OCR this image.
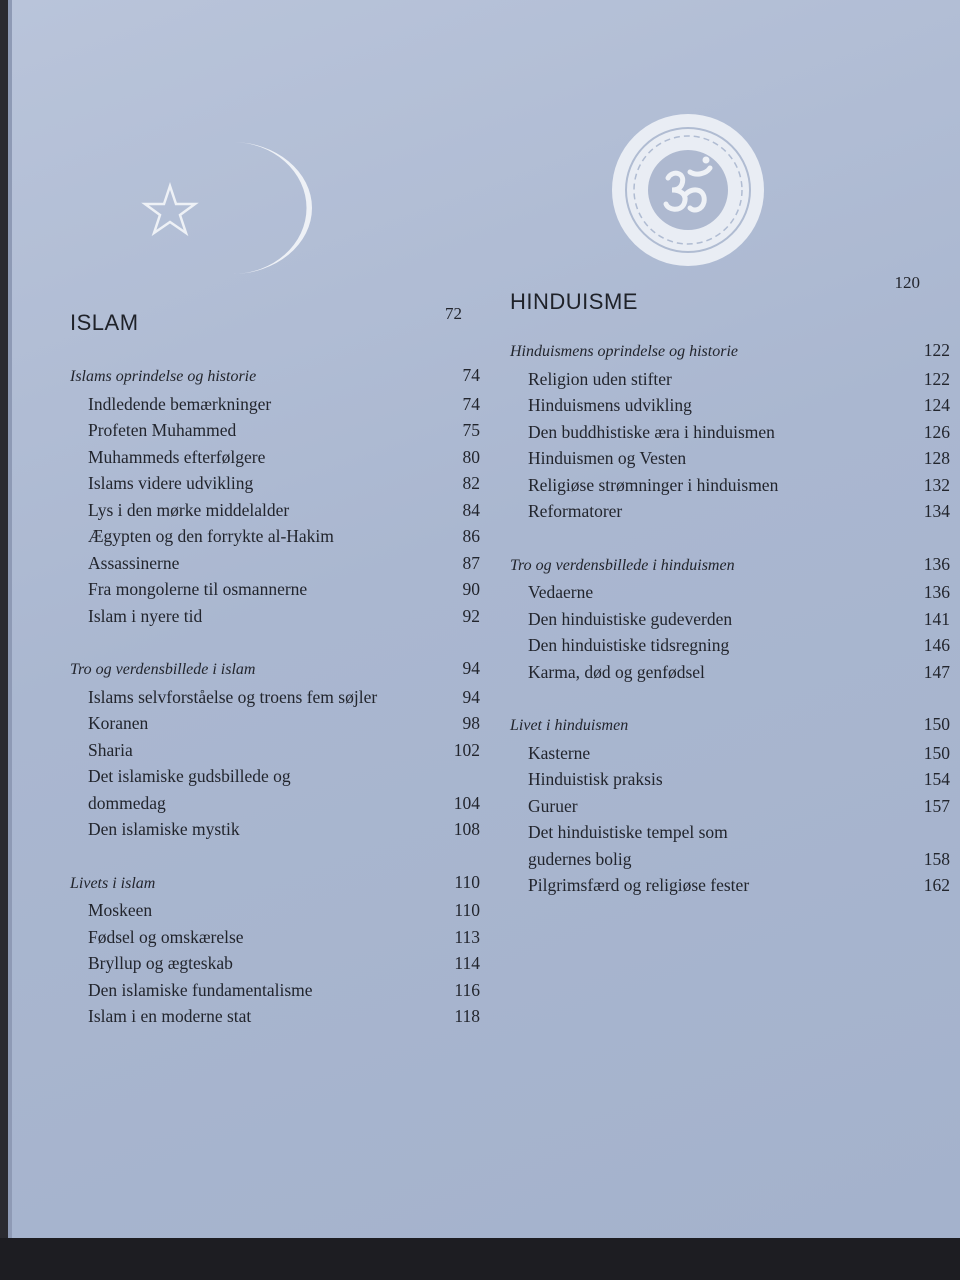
ISLAM	72
Islams oprindelse og historie	74
Indledende bemærkninger	74
Profeten Muhammed	75
Muhammeds efterfølgere	80
Islams videre udvikling	82
Lys i den mørke middelalder	84
Ægypten og den forrykte al-Hakim	86
Assassinerne	87
Fra mongolerne til osmannerne	90
Islam i nyere tid	92
Tro og verdensbillede i islam	94
Islams selvforståelse og troens fem søjler	94
Koranen	98
Sharia	102
Det islamiske gudsbillede og
dommedag	104
Den islamiske mystik	108
Livets i islam	110
Moskeen	110
Fødsel og omskærelse	113
Bryllup og ægteskab	114
Den islamiske fundamentalisme	116
Islam i en moderne stat	118
120
HINDUISME
Hinduismens oprindelse og historie	122
Religion uden stifter	122
Hinduismens udvikling	124
Den buddhistiske æra i hinduismen	126
Hinduismen og Vesten	128
Religiøse strømninger i hinduismen	132
Reformatorer	134
Tro og verdensbillede i hinduismen	136
Vedaerne	136
Den hinduistiske gudeverden	141
Den hinduistiske tidsregning	146
Karma, død og genfødsel	147
Livet i hinduismen	150
Kasterne	150
Hinduistisk praksis	154
Guruer	157
Det hinduistiske tempel som
gudernes bolig	158
Pilgrimsfærd og religiøse fester	162
